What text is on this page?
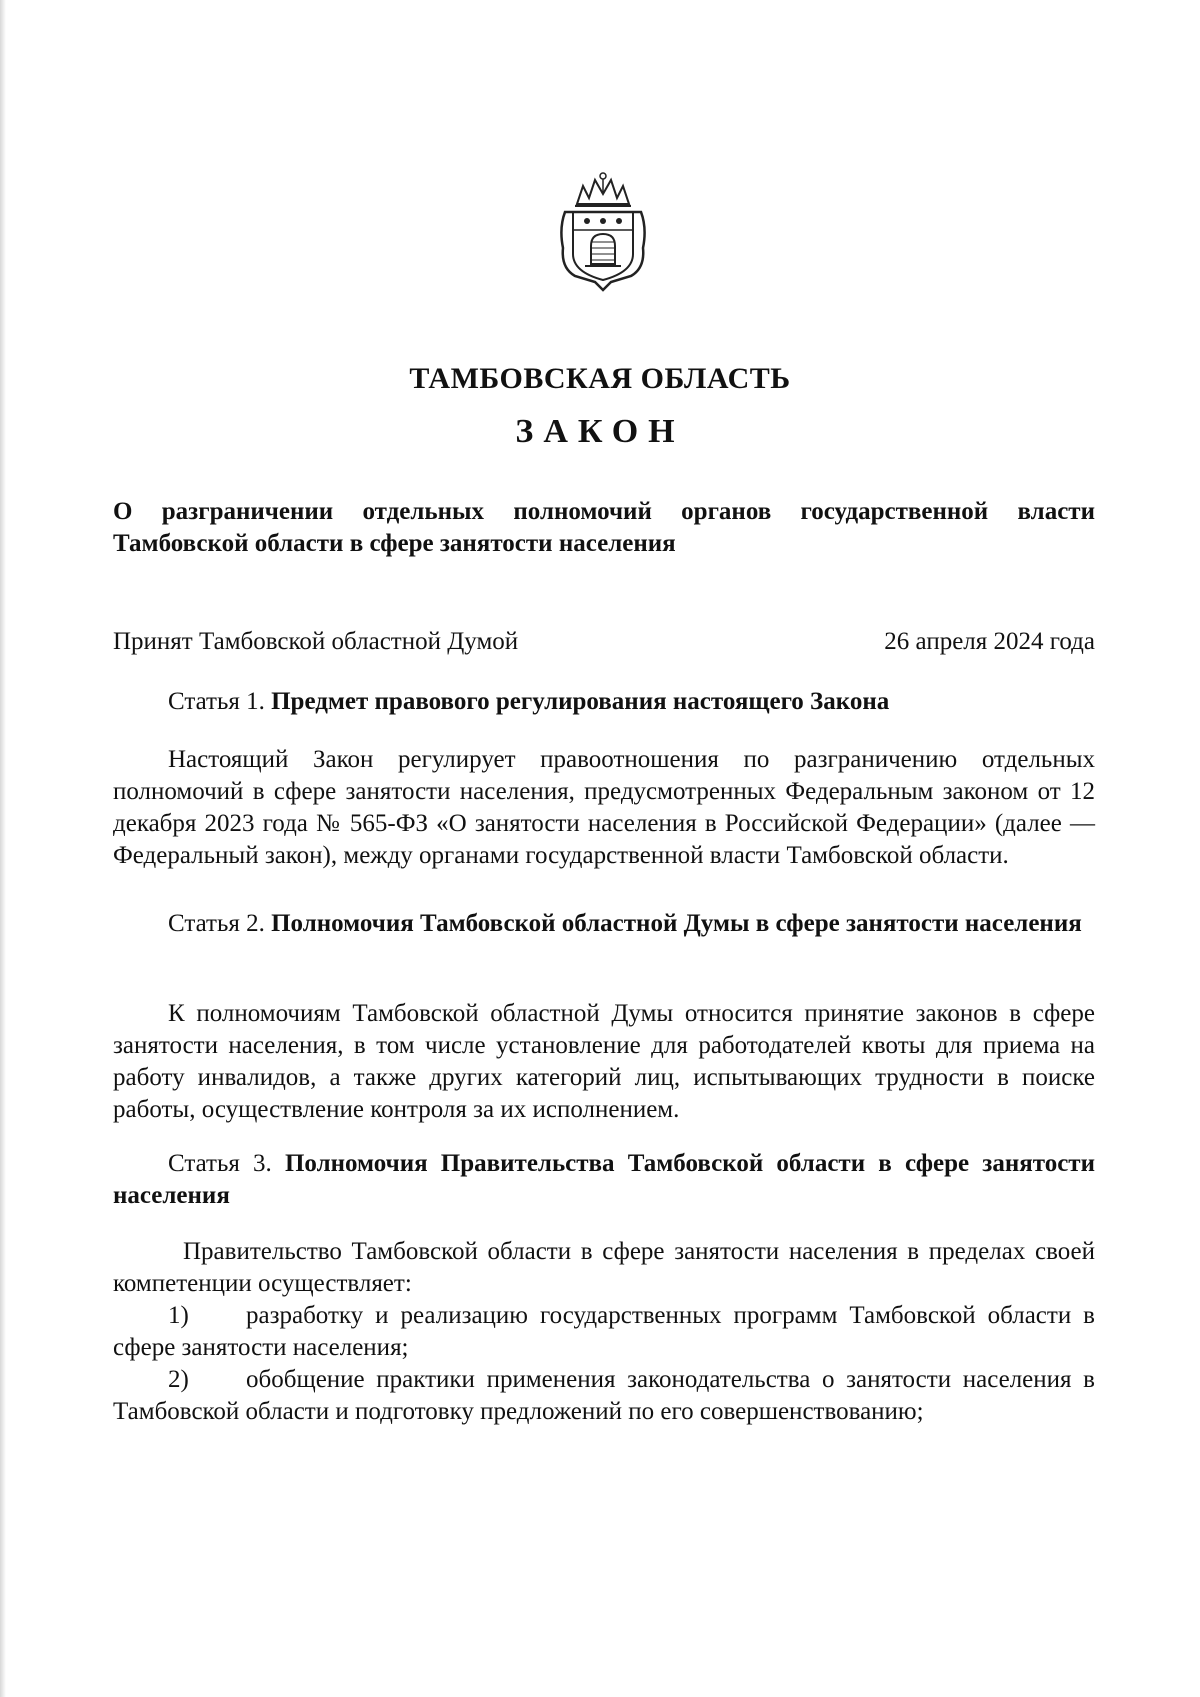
ТАМБОВСКАЯ ОБЛАСТЬ
ЗАКОН
О разграничении отдельных полномочий органов государственной власти Тамбовской области в сфере занятости населения
Принят Тамбовской областной Думой	26 апреля 2024 года

Статья 1. Предмет правового регулирования настоящего Закона

Настоящий Закон регулирует правоотношения по разграничению отдельных полномочий в сфере занятости населения, предусмотренных Федеральным законом от 12 декабря 2023 года № 565-ФЗ «О занятости населения в Российской Федерации» (далее — Федеральный закон), между органами государственной власти Тамбовской области.

Статья 2. Полномочия Тамбовской областной Думы в сфере занятости населения

К полномочиям Тамбовской областной Думы относится принятие законов в сфере занятости населения, в том числе установление для работодателей квоты для приема на работу инвалидов, а также других категорий лиц, испытывающих трудности в поиске работы, осуществление контроля за их исполнением.

Статья 3. Полномочия Правительства Тамбовской области в сфере занятости населения

Правительство Тамбовской области в сфере занятости населения в пределах своей компетенции осуществляет:

1) разработку и реализацию государственных программ Тамбовской области в сфере занятости населения;

2) обобщение практики применения законодательства о занятости населения в Тамбовской области и подготовку предложений по его совершенствованию;
